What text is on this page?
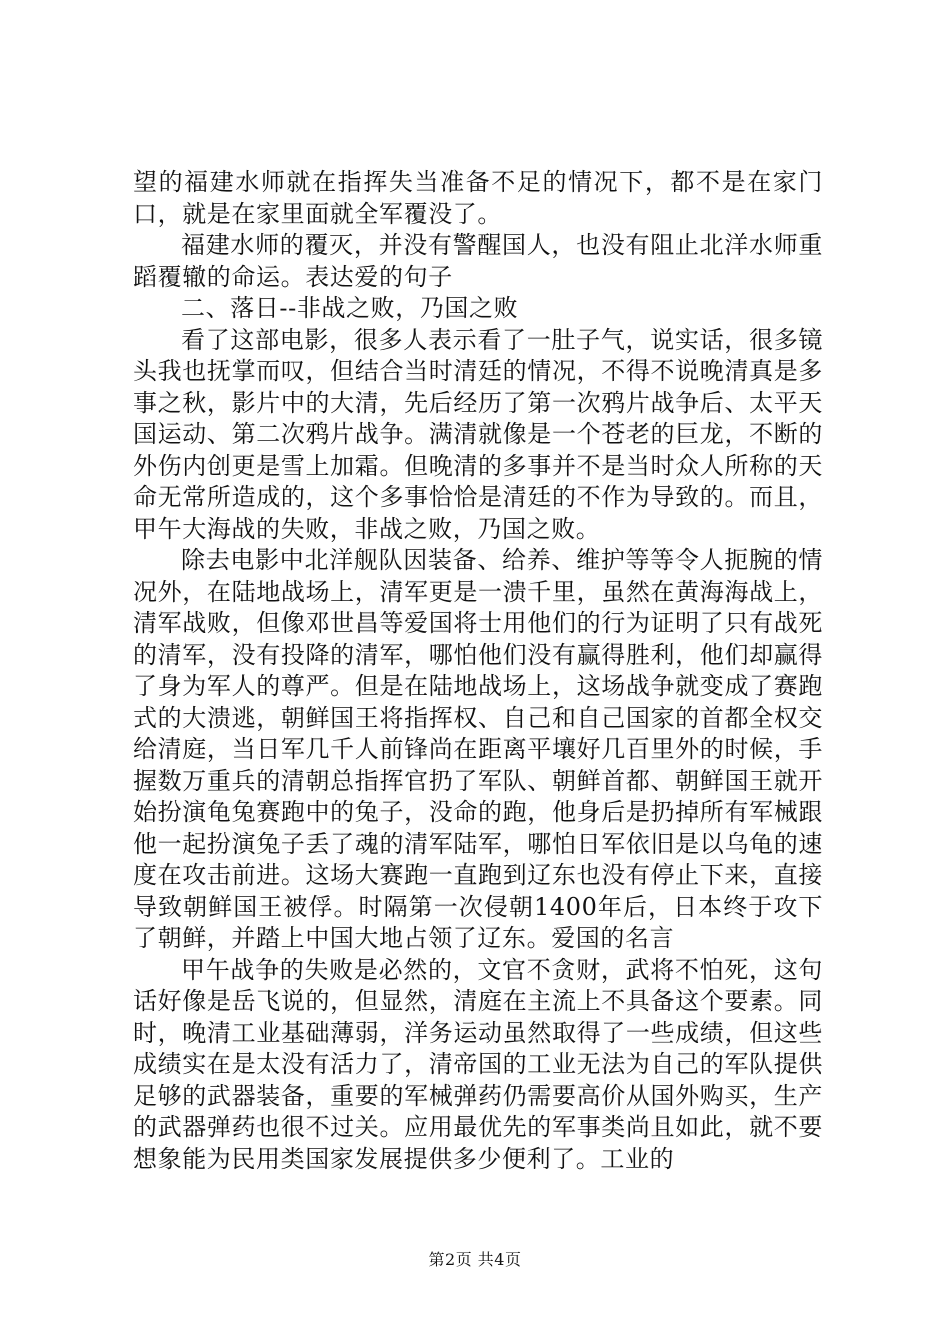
望的福建水师就在指挥失当准备不足的情况下，都不是在家门口，就是在家里面就全军覆没了。

福建水师的覆灭，并没有警醒国人，也没有阻止北洋水师重蹈覆辙的命运。表达爱的句子

二、落日--非战之败，乃国之败

看了这部电影，很多人表示看了一肚子气，说实话，很多镜头我也抚掌而叹，但结合当时清廷的情况，不得不说晚清真是多事之秋，影片中的大清，先后经历了第一次鸦片战争后、太平天国运动、第二次鸦片战争。满清就像是一个苍老的巨龙，不断的外伤内创更是雪上加霜。但晚清的多事并不是当时众人所称的天命无常所造成的，这个多事恰恰是清廷的不作为导致的。而且，甲午大海战的失败，非战之败，乃国之败。

除去电影中北洋舰队因装备、给养、维护等等令人扼腕的情况外，在陆地战场上，清军更是一溃千里，虽然在黄海海战上，清军战败，但像邓世昌等爱国将士用他们的行为证明了只有战死的清军，没有投降的清军，哪怕他们没有赢得胜利，他们却赢得了身为军人的尊严。但是在陆地战场上，这场战争就变成了赛跑式的大溃逃，朝鲜国王将指挥权、自己和自己国家的首都全权交给清庭，当日军几千人前锋尚在距离平壤好几百里外的时候，手握数万重兵的清朝总指挥官扔了军队、朝鲜首都、朝鲜国王就开始扮演龟兔赛跑中的兔子，没命的跑，他身后是扔掉所有军械跟他一起扮演兔子丢了魂的清军陆军，哪怕日军依旧是以乌龟的速度在攻击前进。这场大赛跑一直跑到辽东也没有停止下来，直接导致朝鲜国王被俘。时隔第一次侵朝1400年后，日本终于攻下了朝鲜，并踏上中国大地占领了辽东。爱国的名言

甲午战争的失败是必然的，文官不贪财，武将不怕死，这句话好像是岳飞说的，但显然，清庭在主流上不具备这个要素。同时，晚清工业基础薄弱，洋务运动虽然取得了一些成绩，但这些成绩实在是太没有活力了，清帝国的工业无法为自己的军队提供足够的武器装备，重要的军械弹药仍需要高价从国外购买，生产的武器弹药也很不过关。应用最优先的军事类尚且如此，就不要想象能为民用类国家发展提供多少便利了。工业的

第2页 共4页
